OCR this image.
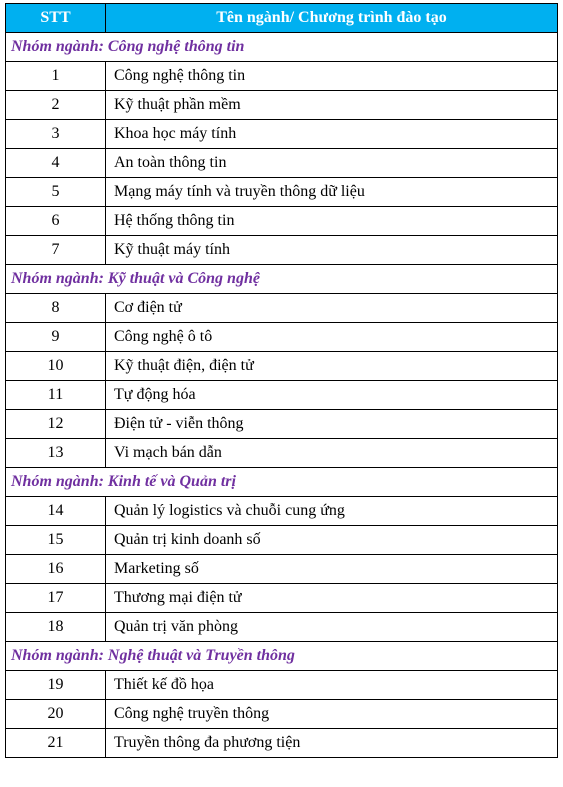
STT	Tên ngành/ Chương trình đào tạo
Nhóm ngành: Công nghệ thông tin	
1	Công nghệ thông tin
2	Kỹ thuật phần mềm
3	Khoa học máy tính
4	An toàn thông tin
5	Mạng máy tính và truyền thông dữ liệu
6	Hệ thống thông tin
7	Kỹ thuật máy tính
Nhóm ngành: Kỹ thuật và Công nghệ	
8	Cơ điện tử
9	Công nghệ ô tô
10	Kỹ thuật điện, điện tử
11	Tự động hóa
12	Điện tử - viễn thông
13	Vi mạch bán dẫn
Nhóm ngành: Kinh tế và Quản trị	
14	Quản lý logistics và chuỗi cung ứng
15	Quản trị kinh doanh số
16	Marketing số
17	Thương mại điện tử
18	Quản trị văn phòng
Nhóm ngành: Nghệ thuật và Truyền thông	
19	Thiết kế đồ họa
20	Công nghệ truyền thông
21	Truyền thông đa phương tiện
